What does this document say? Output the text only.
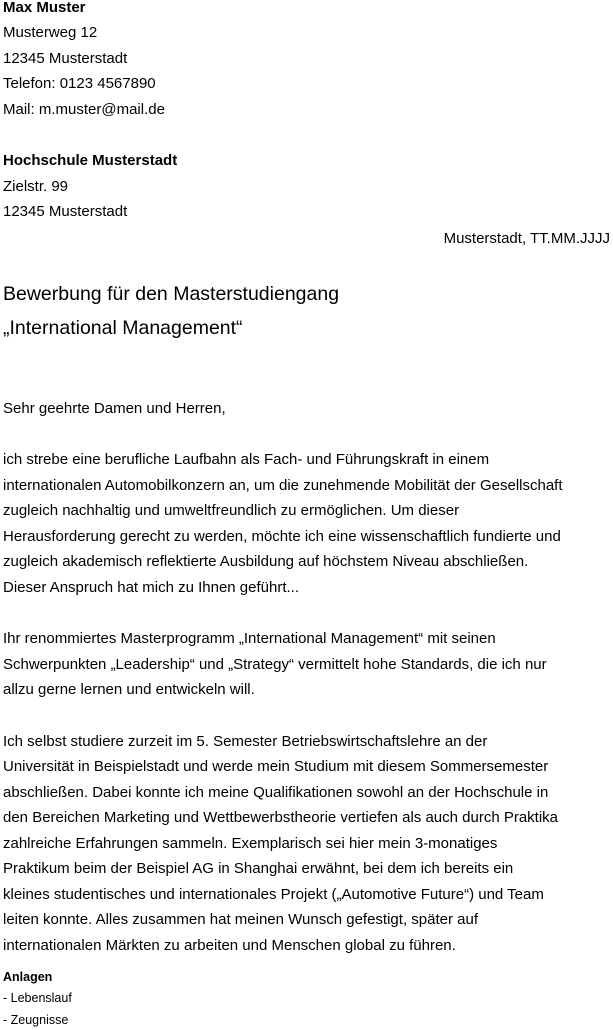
Max Muster
Musterweg 12
12345 Musterstadt
Telefon: 0123 4567890
Mail: m.muster@mail.de
Hochschule Musterstadt
Zielstr. 99
12345 Musterstadt
Musterstadt, TT.MM.JJJJ
Bewerbung für den Masterstudiengang
„International Management“
Sehr geehrte Damen und Herren,
ich strebe eine berufliche Laufbahn als Fach- und Führungskraft in einem
internationalen Automobilkonzern an, um die zunehmende Mobilität der Gesellschaft
zugleich nachhaltig und umweltfreundlich zu ermöglichen. Um dieser
Herausforderung gerecht zu werden, möchte ich eine wissenschaftlich fundierte und
zugleich akademisch reflektierte Ausbildung auf höchstem Niveau abschließen.
Dieser Anspruch hat mich zu Ihnen geführt...
Ihr renommiertes Masterprogramm „International Management“ mit seinen
Schwerpunkten „Leadership“ und „Strategy“ vermittelt hohe Standards, die ich nur
allzu gerne lernen und entwickeln will.
Ich selbst studiere zurzeit im 5. Semester Betriebswirtschaftslehre an der
Universität in Beispielstadt und werde mein Studium mit diesem Sommersemester
abschließen. Dabei konnte ich meine Qualifikationen sowohl an der Hochschule in
den Bereichen Marketing und Wettbewerbstheorie vertiefen als auch durch Praktika
zahlreiche Erfahrungen sammeln. Exemplarisch sei hier mein 3-monatiges
Praktikum beim der Beispiel AG in Shanghai erwähnt, bei dem ich bereits ein
kleines studentisches und internationales Projekt („Automotive Future“) und Team
leiten konnte. Alles zusammen hat meinen Wunsch gefestigt, später auf
internationalen Märkten zu arbeiten und Menschen global zu führen.
Anlagen
- Lebenslauf
- Zeugnisse
